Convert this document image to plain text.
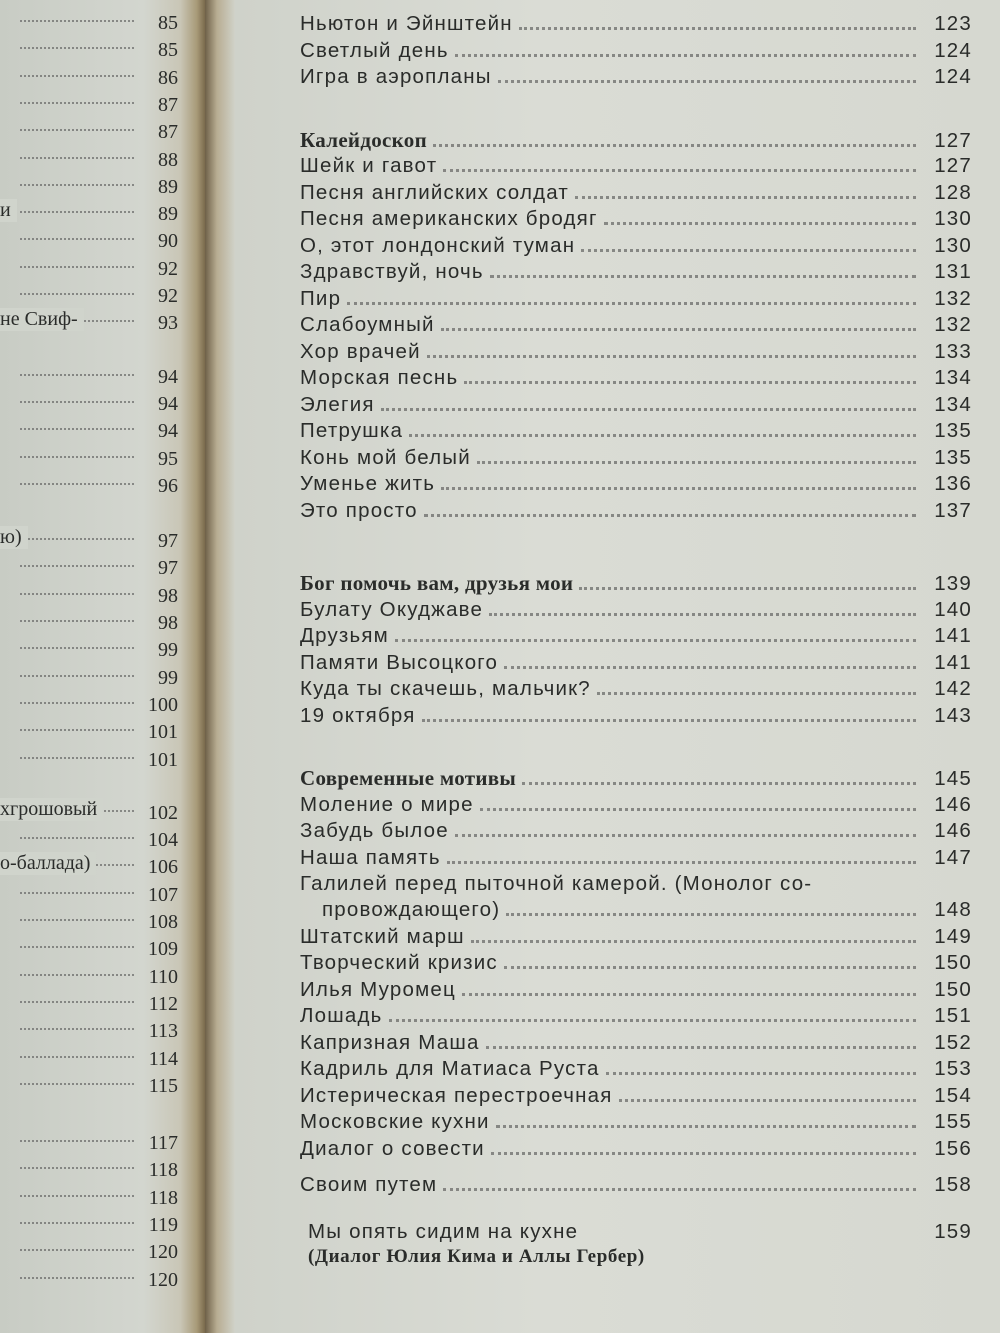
85
85
86
87
87
88
89
и	89
90
92
92
не Свиф-	93
94
94
94
95
96
ю)	97
97
98
98
99
99
100
101
101
хгрошовый	102
104
о-баллада)	106
107
108
109
110
112
113
114
115
117
118
118
119
120
120
Ньютон и Эйнштейн	123
Светлый день	124
Игра в аэропланы	124
Калейдоскоп	127
Шейк и гавот	127
Песня английских солдат	128
Песня американских бродяг	130
О, этот лондонский туман	130
Здравствуй, ночь	131
Пир	132
Слабоумный	132
Хор врачей	133
Морская песнь	134
Элегия	134
Петрушка	135
Конь мой белый	135
Уменье жить	136
Это просто	137
Бог помочь вам, друзья мои	139
Булату Окуджаве	140
Друзьям	141
Памяти Высоцкого	141
Куда ты скачешь, мальчик?	142
19 октября	143
Современные мотивы	145
Моление о мире	146
Забудь былое	146
Наша память	147
Галилей перед пыточной камерой. (Монолог со-
провождающего)	148
Штатский марш	149
Творческий кризис	150
Илья Муромец	150
Лошадь	151
Капризная Маша	152
Кадриль для Матиаса Руста	153
Истерическая перестроечная	154
Московские кухни	155
Диалог о совести	156
Своим путем	158
Мы опять сидим на кухне	159
(Диалог Юлия Кима и Аллы Гербер)
